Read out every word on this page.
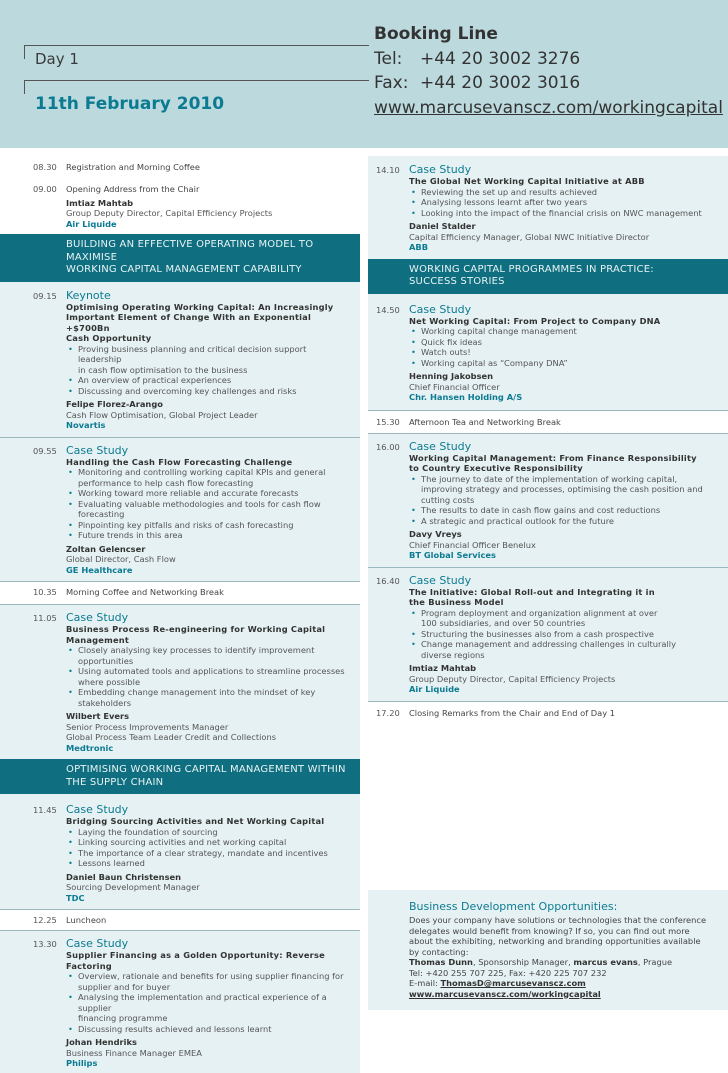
Day 1
11th February 2010
Booking Line
Tel: +44 20 3002 3276
Fax: +44 20 3002 3016
www.marcusevanscz.com/workingcapital
08.30 Registration and Morning Coffee
09.00 Opening Address from the Chair
Imtiaz Mahtab
Group Deputy Director, Capital Efficiency Projects
Air Liquide
BUILDING AN EFFECTIVE OPERATING MODEL TO MAXIMISE
WORKING CAPITAL MANAGEMENT CAPABILITY
09.15 Keynote
Optimising Operating Working Capital: An Increasingly
Important Element of Change With an Exponential +$700Bn
Cash Opportunity
• Proving business planning and critical decision support leadership
in cash flow optimisation to the business
• An overview of practical experiences
• Discussing and overcoming key challenges and risks
Felipe Florez-Arango
Cash Flow Optimisation, Global Project Leader
Novartis
09.55 Case Study
Handling the Cash Flow Forecasting Challenge
• Monitoring and controlling working capital KPIs and general
performance to help cash flow forecasting
• Working toward more reliable and accurate forecasts
• Evaluating valuable methodologies and tools for cash flow forecasting
• Pinpointing key pitfalls and risks of cash forecasting
• Future trends in this area
Zoltan Gelencser
Global Director, Cash Flow
GE Healthcare
10.35 Morning Coffee and Networking Break
11.05 Case Study
Business Process Re-engineering for Working Capital
Management
• Closely analysing key processes to identify improvement opportunities
• Using automated tools and applications to streamline processes
where possible
• Embedding change management into the mindset of key stakeholders
Wilbert Evers
Senior Process Improvements Manager
Global Process Team Leader Credit and Collections
Medtronic
OPTIMISING WORKING CAPITAL MANAGEMENT WITHIN
THE SUPPLY CHAIN
11.45 Case Study
Bridging Sourcing Activities and Net Working Capital
• Laying the foundation of sourcing
• Linking sourcing activities and net working capital
• The importance of a clear strategy, mandate and incentives
• Lessons learned
Daniel Baun Christensen
Sourcing Development Manager
TDC
12.25 Luncheon
13.30 Case Study
Supplier Financing as a Golden Opportunity: Reverse Factoring
• Overview, rationale and benefits for using supplier financing for
supplier and for buyer
• Analysing the implementation and practical experience of a supplier
financing programme
• Discussing results achieved and lessons learnt
Johan Hendriks
Business Finance Manager EMEA
Philips
14.10 Case Study
The Global Net Working Capital Initiative at ABB
• Reviewing the set up and results achieved
• Analysing lessons learnt after two years
• Looking into the impact of the financial crisis on NWC management
Daniel Stalder
Capital Efficiency Manager, Global NWC Initiative Director
ABB
WORKING CAPITAL PROGRAMMES IN PRACTICE:
SUCCESS STORIES
14.50 Case Study
Net Working Capital: From Project to Company DNA
• Working capital change management
• Quick fix ideas
• Watch outs!
• Working capital as “Company DNA”
Henning Jakobsen
Chief Financial Officer
Chr. Hansen Holding A/S
15.30 Afternoon Tea and Networking Break
16.00 Case Study
Working Capital Management: From Finance Responsibility
to Country Executive Responsibility
• The journey to date of the implementation of working capital,
improving strategy and processes, optimising the cash position and
cutting costs
• The results to date in cash flow gains and cost reductions
• A strategic and practical outlook for the future
Davy Vreys
Chief Financial Officer Benelux
BT Global Services
16.40 Case Study
The Initiative: Global Roll-out and Integrating it in
the Business Model
• Program deployment and organization alignment at over
100 subsidiaries, and over 50 countries
• Structuring the businesses also from a cash prospective
• Change management and addressing challenges in culturally
diverse regions
Imtiaz Mahtab
Group Deputy Director, Capital Efficiency Projects
Air Liquide
17.20 Closing Remarks from the Chair and End of Day 1
Business Development Opportunities:
Does your company have solutions or technologies that the conference
delegates would benefit from knowing? If so, you can find out more
about the exhibiting, networking and branding opportunities available
by contacting:
Thomas Dunn, Sponsorship Manager, marcus evans, Prague
Tel: +420 255 707 225, Fax: +420 225 707 232
E-mail: ThomasD@marcusevanscz.com
www.marcusevanscz.com/workingcapital
